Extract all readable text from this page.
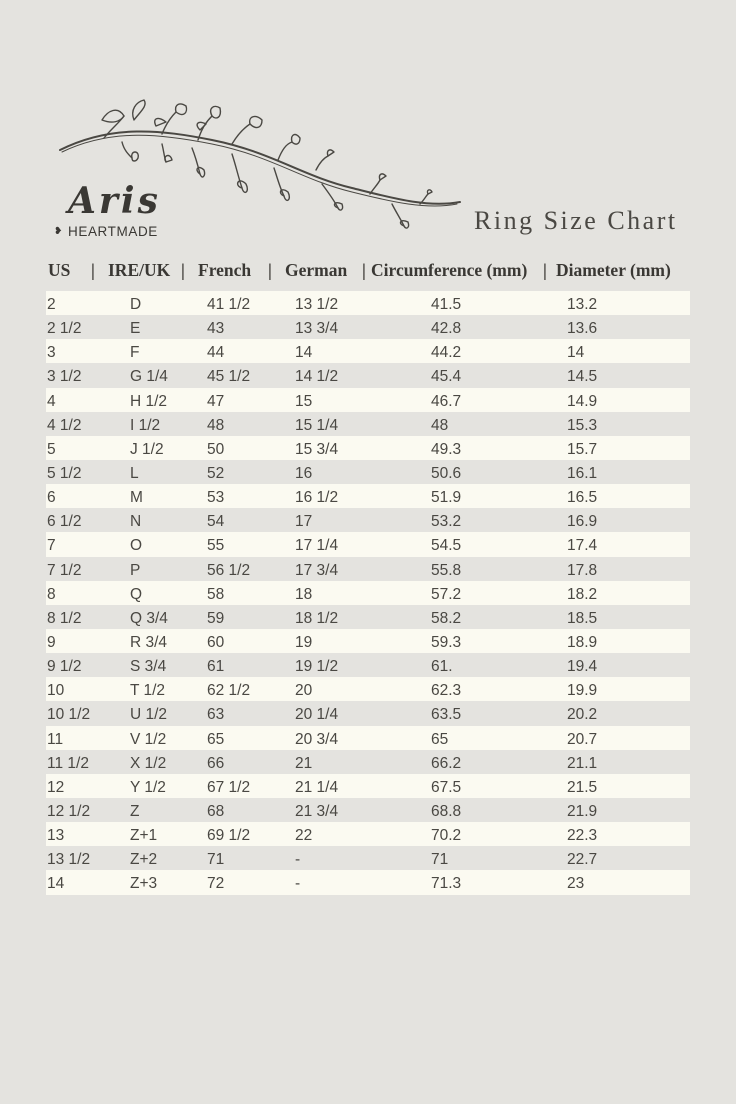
Aris
❥ HEARTMADE	Ring Size Chart
US | IRE/UK | French | German | Circumference (mm) | Diameter (mm)
2	D	41 1/2	13 1/2	41.5	13.2
2 1/2	E	43	13 3/4	42.8	13.6
3	F	44	14	44.2	14
3 1/2	G 1/4	45 1/2	14 1/2	45.4	14.5
4	H 1/2	47	15	46.7	14.9
4 1/2	I 1/2	48	15 1/4	48	15.3
5	J 1/2	50	15 3/4	49.3	15.7
5 1/2	L	52	16	50.6	16.1
6	M	53	16 1/2	51.9	16.5
6 1/2	N	54	17	53.2	16.9
7	O	55	17 1/4	54.5	17.4
7 1/2	P	56 1/2	17 3/4	55.8	17.8
8	Q	58	18	57.2	18.2
8 1/2	Q 3/4	59	18 1/2	58.2	18.5
9	R 3/4	60	19	59.3	18.9
9 1/2	S 3/4	61	19 1/2	61.	19.4
10	T 1/2	62 1/2	20	62.3	19.9
10 1/2	U 1/2	63	20 1/4	63.5	20.2
11	V 1/2	65	20 3/4	65	20.7
11 1/2	X 1/2	66	21	66.2	21.1
12	Y 1/2	67 1/2	21 1/4	67.5	21.5
12 1/2	Z	68	21 3/4	68.8	21.9
13	Z+1	69 1/2	22	70.2	22.3
13 1/2	Z+2	71	-	71	22.7
14	Z+3	72	-	71.3	23
